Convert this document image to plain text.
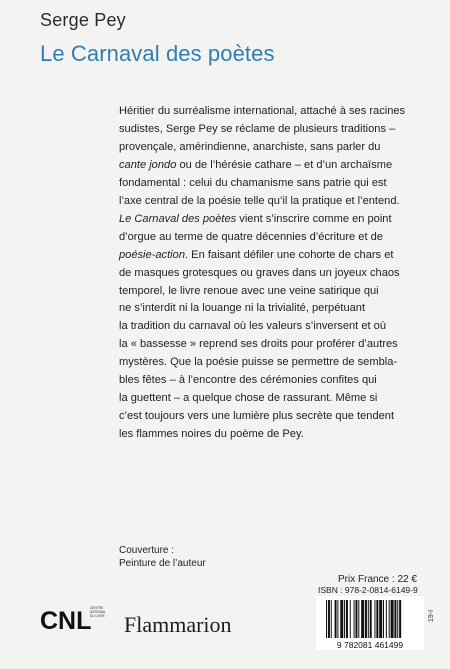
Serge Pey
Le Carnaval des poètes
Héritier du surréalisme international, attaché à ses racines
sudistes, Serge Pey se réclame de plusieurs traditions –
provençale, amérindienne, anarchiste, sans parler du
cante jondo ou de l’hérésie cathare – et d’un archaïsme
fondamental : celui du chamanisme sans patrie qui est
l’axe central de la poésie telle qu’il la pratique et l’entend.
Le Carnaval des poètes vient s’inscrire comme en point
d’orgue au terme de quatre décennies d’écriture et de
poésie-action. En faisant défiler une cohorte de chars et
de masques grotesques ou graves dans un joyeux chaos
temporel, le livre renoue avec une veine satirique qui
ne s’interdit ni la louange ni la trivialité, perpétuant
la tradition du carnaval où les valeurs s’inversent et où
la « bassesse » reprend ses droits pour proférer d’autres
mystères. Que la poésie puisse se permettre de sembla-
bles fêtes – à l’encontre des cérémonies confites qui
la guettent – a quelque chose de rassurant. Même si
c’est toujours vers une lumière plus secrète que tendent
les flammes noires du poème de Pey.
Couverture :
Peinture de l’auteur
CNL
CENTRE
NATIONAL
DU LIVRE Flammarion
Prix France : 22 €
ISBN : 978-2-0814-6149-9
9 782081 461499
19-I
